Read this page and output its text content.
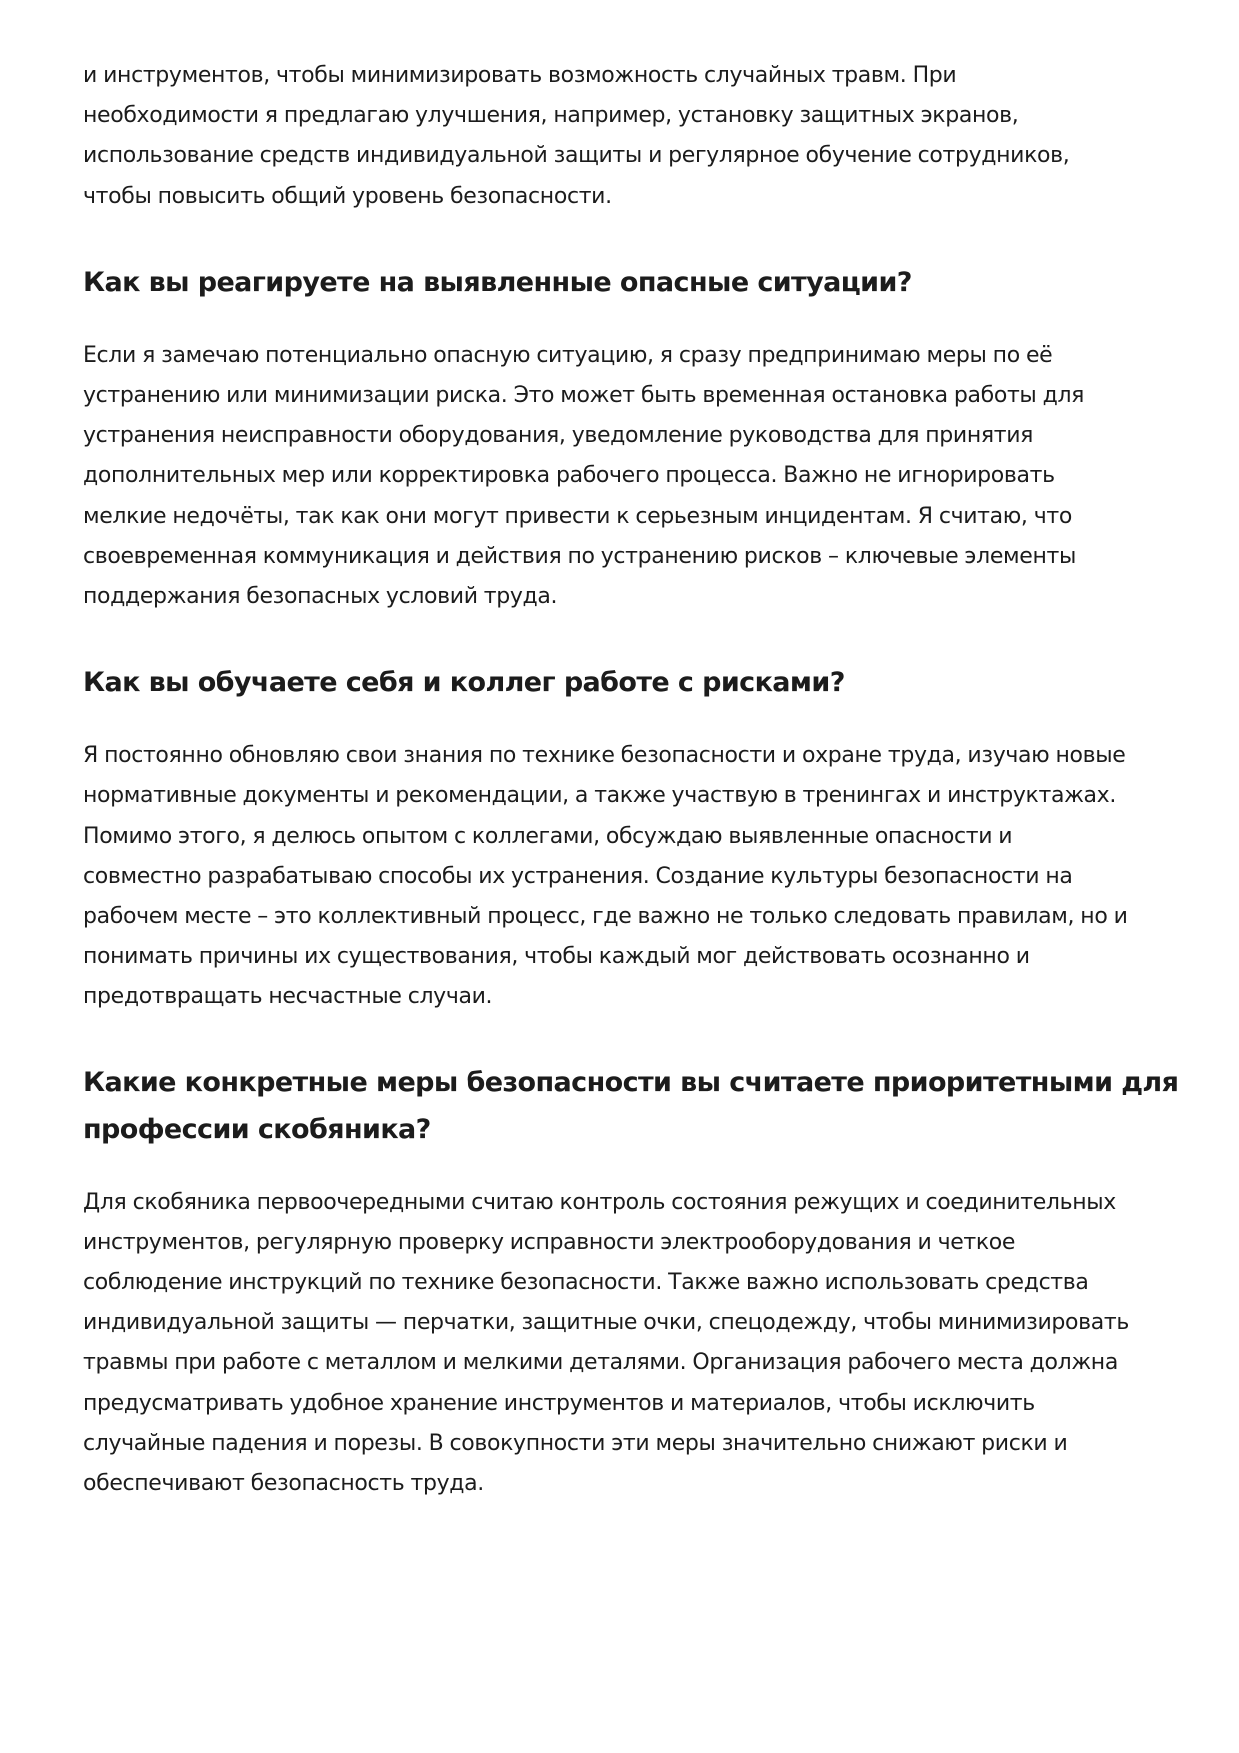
и инструментов, чтобы минимизировать возможность случайных травм. При
необходимости я предлагаю улучшения, например, установку защитных экранов,
использование средств индивидуальной защиты и регулярное обучение сотрудников,
чтобы повысить общий уровень безопасности.

Как вы реагируете на выявленные опасные ситуации?

Если я замечаю потенциально опасную ситуацию, я сразу предпринимаю меры по её
устранению или минимизации риска. Это может быть временная остановка работы для
устранения неисправности оборудования, уведомление руководства для принятия
дополнительных мер или корректировка рабочего процесса. Важно не игнорировать
мелкие недочёты, так как они могут привести к серьезным инцидентам. Я считаю, что
своевременная коммуникация и действия по устранению рисков – ключевые элементы
поддержания безопасных условий труда.

Как вы обучаете себя и коллег работе с рисками?

Я постоянно обновляю свои знания по технике безопасности и охране труда, изучаю новые
нормативные документы и рекомендации, а также участвую в тренингах и инструктажах.
Помимо этого, я делюсь опытом с коллегами, обсуждаю выявленные опасности и
совместно разрабатываю способы их устранения. Создание культуры безопасности на
рабочем месте – это коллективный процесс, где важно не только следовать правилам, но и
понимать причины их существования, чтобы каждый мог действовать осознанно и
предотвращать несчастные случаи.

Какие конкретные меры безопасности вы считаете приоритетными для
профессии скобяника?

Для скобяника первоочередными считаю контроль состояния режущих и соединительных
инструментов, регулярную проверку исправности электрооборудования и четкое
соблюдение инструкций по технике безопасности. Также важно использовать средства
индивидуальной защиты — перчатки, защитные очки, спецодежду, чтобы минимизировать
травмы при работе с металлом и мелкими деталями. Организация рабочего места должна
предусматривать удобное хранение инструментов и материалов, чтобы исключить
случайные падения и порезы. В совокупности эти меры значительно снижают риски и
обеспечивают безопасность труда.
